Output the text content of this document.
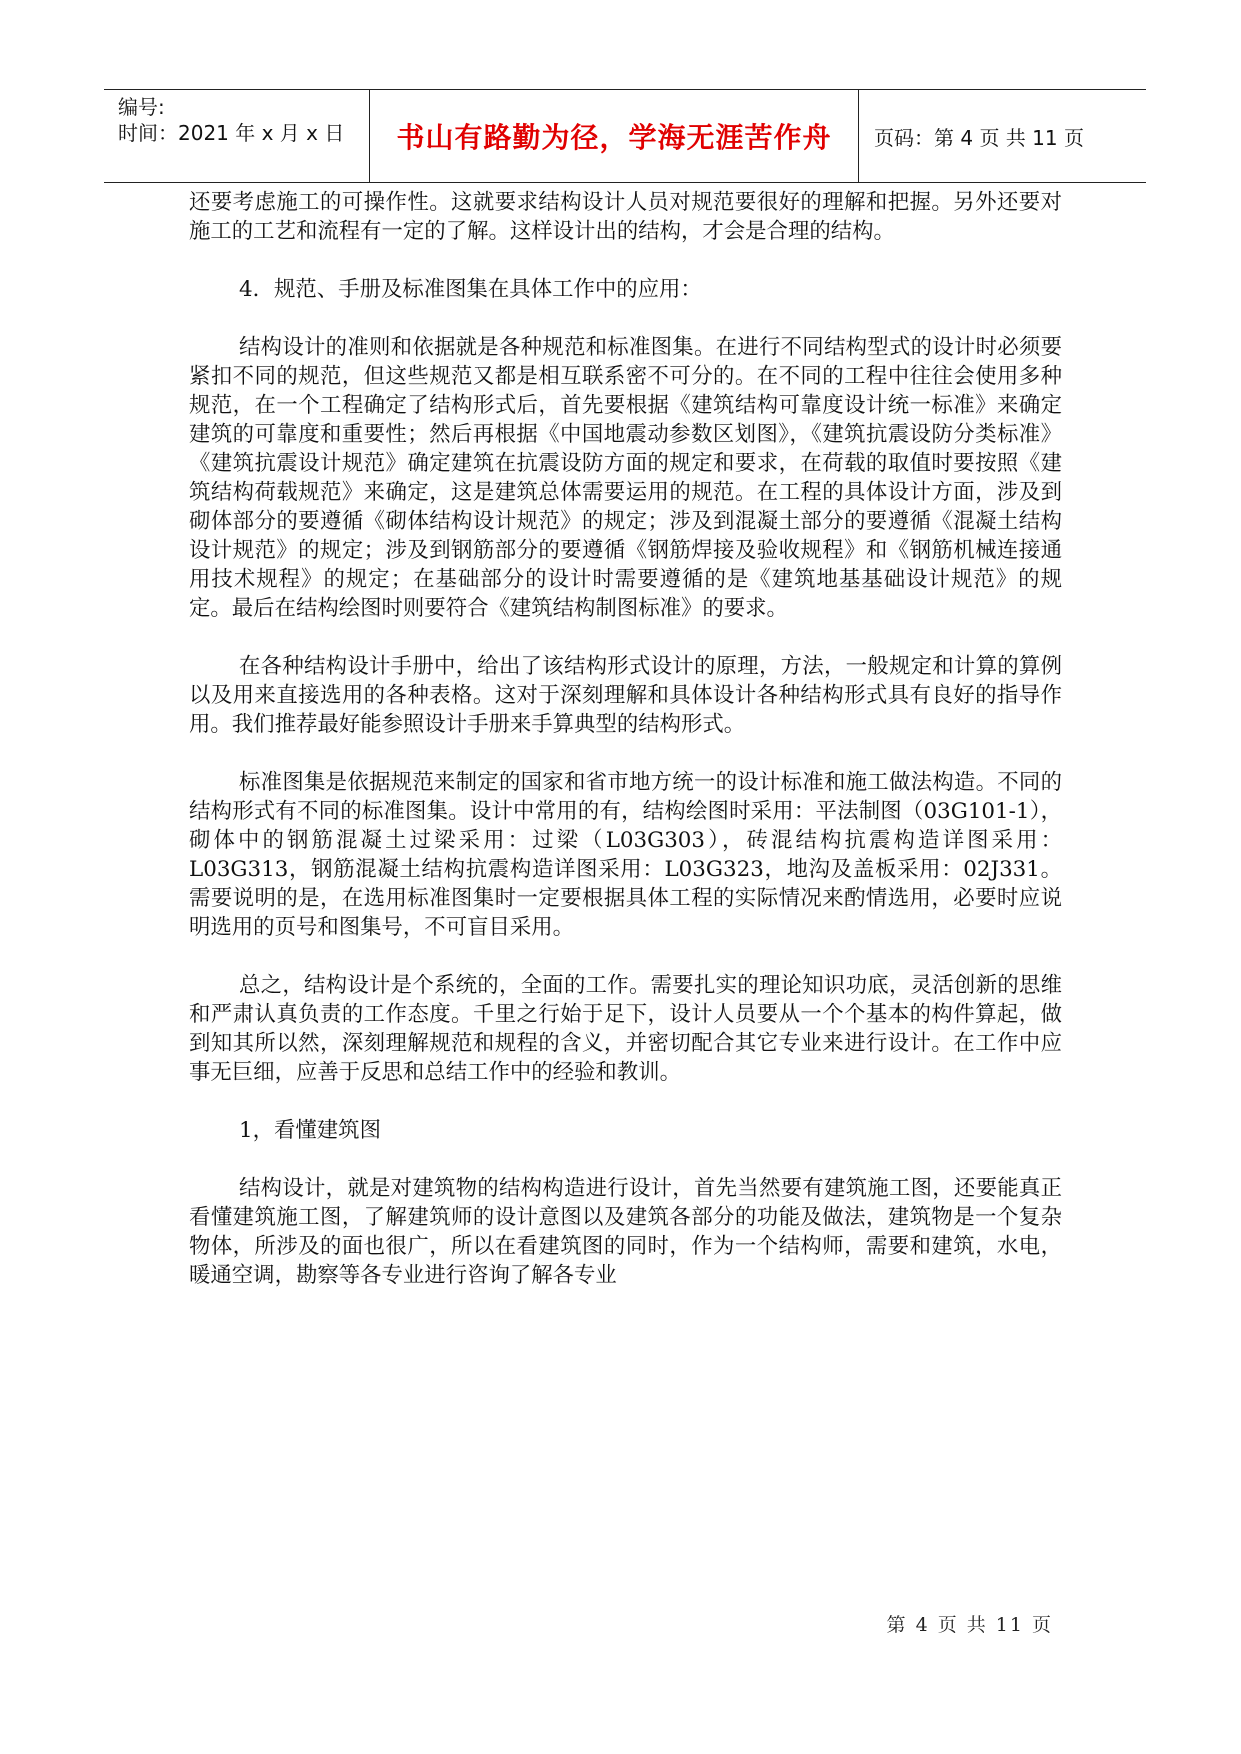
编号:
时间：2021 年 x 月 x 日	书山有路勤为径，学海无涯苦作舟	页码：第 4 页 共 11 页

还要考虑施工的可操作性。这就要求结构设计人员对规范要很好的理解和把握。另外还要对施工的工艺和流程有一定的了解。这样设计出的结构，才会是合理的结构。

4．规范、手册及标准图集在具体工作中的应用：

结构设计的准则和依据就是各种规范和标准图集。在进行不同结构型式的设计时必须要紧扣不同的规范，但这些规范又都是相互联系密不可分的。在不同的工程中往往会使用多种规范，在一个工程确定了结构形式后，首先要根据《建筑结构可靠度设计统一标准》来确定建筑的可靠度和重要性；然后再根据《中国地震动参数区划图》，《建筑抗震设防分类标准》《建筑抗震设计规范》确定建筑在抗震设防方面的规定和要求，在荷载的取值时要按照《建筑结构荷载规范》来确定，这是建筑总体需要运用的规范。在工程的具体设计方面，涉及到砌体部分的要遵循《砌体结构设计规范》的规定；涉及到混凝土部分的要遵循《混凝土结构设计规范》的规定；涉及到钢筋部分的要遵循《钢筋焊接及验收规程》和《钢筋机械连接通用技术规程》的规定；在基础部分的设计时需要遵循的是《建筑地基基础设计规范》的规定。最后在结构绘图时则要符合《建筑结构制图标准》的要求。

在各种结构设计手册中，给出了该结构形式设计的原理，方法，一般规定和计算的算例以及用来直接选用的各种表格。这对于深刻理解和具体设计各种结构形式具有良好的指导作用。我们推荐最好能参照设计手册来手算典型的结构形式。

标准图集是依据规范来制定的国家和省市地方统一的设计标准和施工做法构造。不同的结构形式有不同的标准图集。设计中常用的有，结构绘图时采用：平法制图（03G101-1），砌体中的钢筋混凝土过梁采用：过梁（L03G303），砖混结构抗震构造详图采用：L03G313，钢筋混凝土结构抗震构造详图采用：L03G323，地沟及盖板采用：02J331。需要说明的是，在选用标准图集时一定要根据具体工程的实际情况来酌情选用，必要时应说明选用的页号和图集号，不可盲目采用。

总之，结构设计是个系统的，全面的工作。需要扎实的理论知识功底，灵活创新的思维和严肃认真负责的工作态度。千里之行始于足下，设计人员要从一个个基本的构件算起，做到知其所以然，深刻理解规范和规程的含义，并密切配合其它专业来进行设计。在工作中应事无巨细，应善于反思和总结工作中的经验和教训。

1，看懂建筑图

结构设计，就是对建筑物的结构构造进行设计，首先当然要有建筑施工图，还要能真正看懂建筑施工图，了解建筑师的设计意图以及建筑各部分的功能及做法，建筑物是一个复杂物体，所涉及的面也很广，所以在看建筑图的同时，作为一个结构师，需要和建筑，水电，暖通空调，勘察等各专业进行咨询了解各专业

第 4 页 共 11 页
